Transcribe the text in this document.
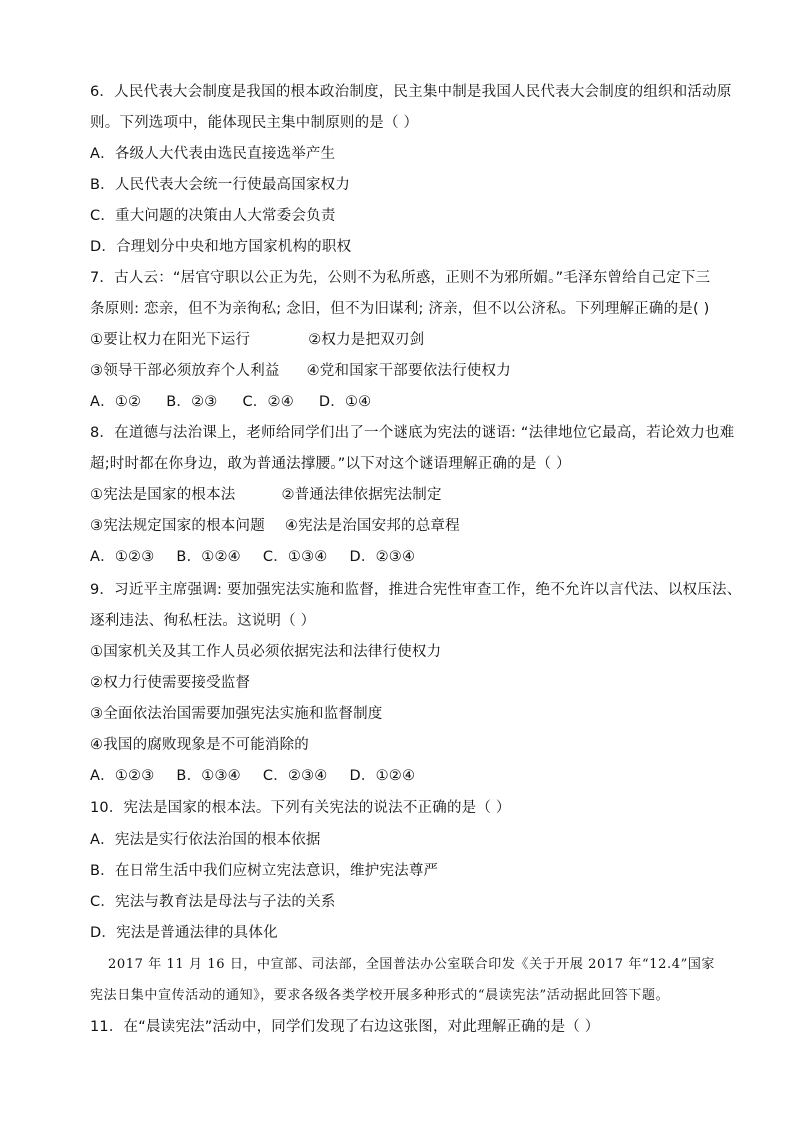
6．人民代表大会制度是我国的根本政治制度，民主集中制是我国人民代表大会制度的组织和活动原
则。下列选项中，能体现民主集中制原则的是（ ）
A．各级人大代表由选民直接选举产生
B．人民代表大会统一行使最高国家权力
C．重大问题的决策由人大常委会负责
D．合理划分中央和地方国家机构的职权
7．古人云：“居官守职以公正为先，公则不为私所惑，正则不为邪所媚。”毛泽东曾给自己定下三
条原则: 恋亲，但不为亲徇私; 念旧，但不为旧谋利; 济亲，但不以公济私。下列理解正确的是( )
①要让权力在阳光下运行	②权力是把双刃剑
③领导干部必须放弃个人利益 ④党和国家干部要依法行使权力
A．①② B．②③ C．②④ D．①④
8．在道德与法治课上，老师给同学们出了一个谜底为宪法的谜语: “法律地位它最高，若论效力也难
超;时时都在你身边，敢为普通法撑腰。”以下对这个谜语理解正确的是（ ）
①宪法是国家的根本法	②普通法律依据宪法制定
③宪法规定国家的根本问题 ④宪法是治国安邦的总章程
A．①②③ B．①②④ C．①③④ D．②③④
9．习近平主席强调: 要加强宪法实施和监督，推进合宪性审查工作，绝不允许以言代法、以权压法、
逐利违法、徇私枉法。这说明（ ）
①国家机关及其工作人员必须依据宪法和法律行使权力
②权力行使需要接受监督
③全面依法治国需要加强宪法实施和监督制度
④我国的腐败现象是不可能消除的
A．①②③ B．①③④ C．②③④ D．①②④
10．宪法是国家的根本法。下列有关宪法的说法不正确的是（ ）
A．宪法是实行依法治国的根本依据
B．在日常生活中我们应树立宪法意识，维护宪法尊严
C．宪法与教育法是母法与子法的关系
D．宪法是普通法律的具体化
2017 年 11 月 16 日，中宣部、司法部，全国普法办公室联合印发《关于开展 2017 年“12.4”国家
宪法日集中宣传活动的通知》，要求各级各类学校开展多种形式的“晨读宪法”活动据此回答下题。
11．在“晨读宪法”活动中，同学们发现了右边这张图，对此理解正确的是（ ）
